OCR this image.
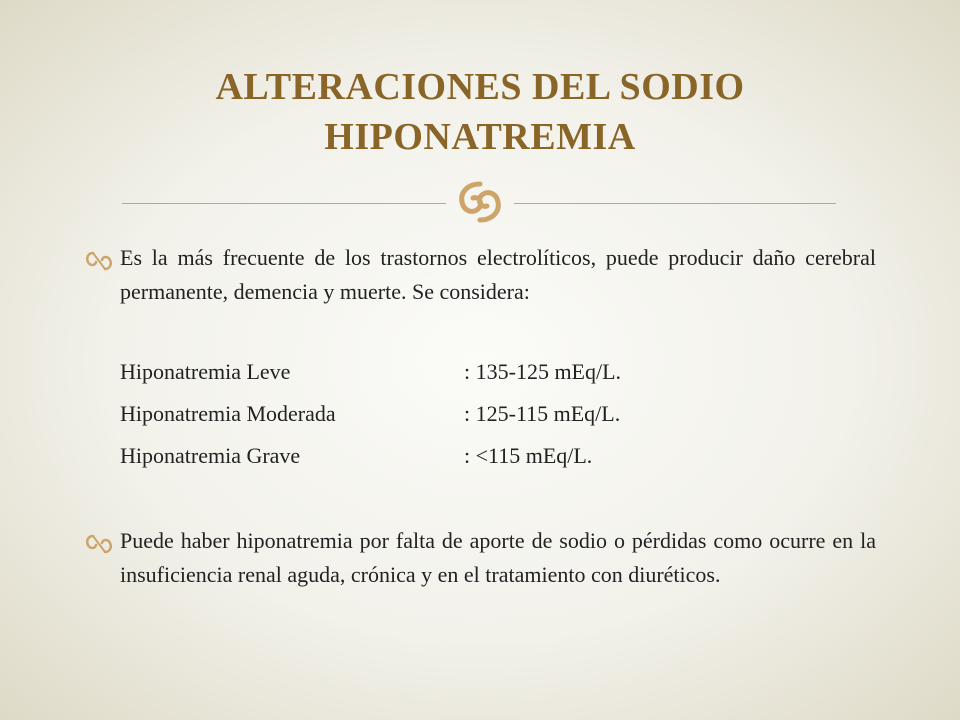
ALTERACIONES DEL SODIO
HIPONATREMIA
Es la más frecuente de los trastornos electrolíticos, puede producir daño cerebral permanente, demencia y muerte. Se considera:
Hiponatremia Leve	: 135-125 mEq/L.
Hiponatremia Moderada	: 125-115 mEq/L.
Hiponatremia Grave	: <115 mEq/L.
Puede haber hiponatremia por falta de aporte de sodio o pérdidas como ocurre en la insuficiencia renal aguda, crónica y en el tratamiento con diuréticos.
